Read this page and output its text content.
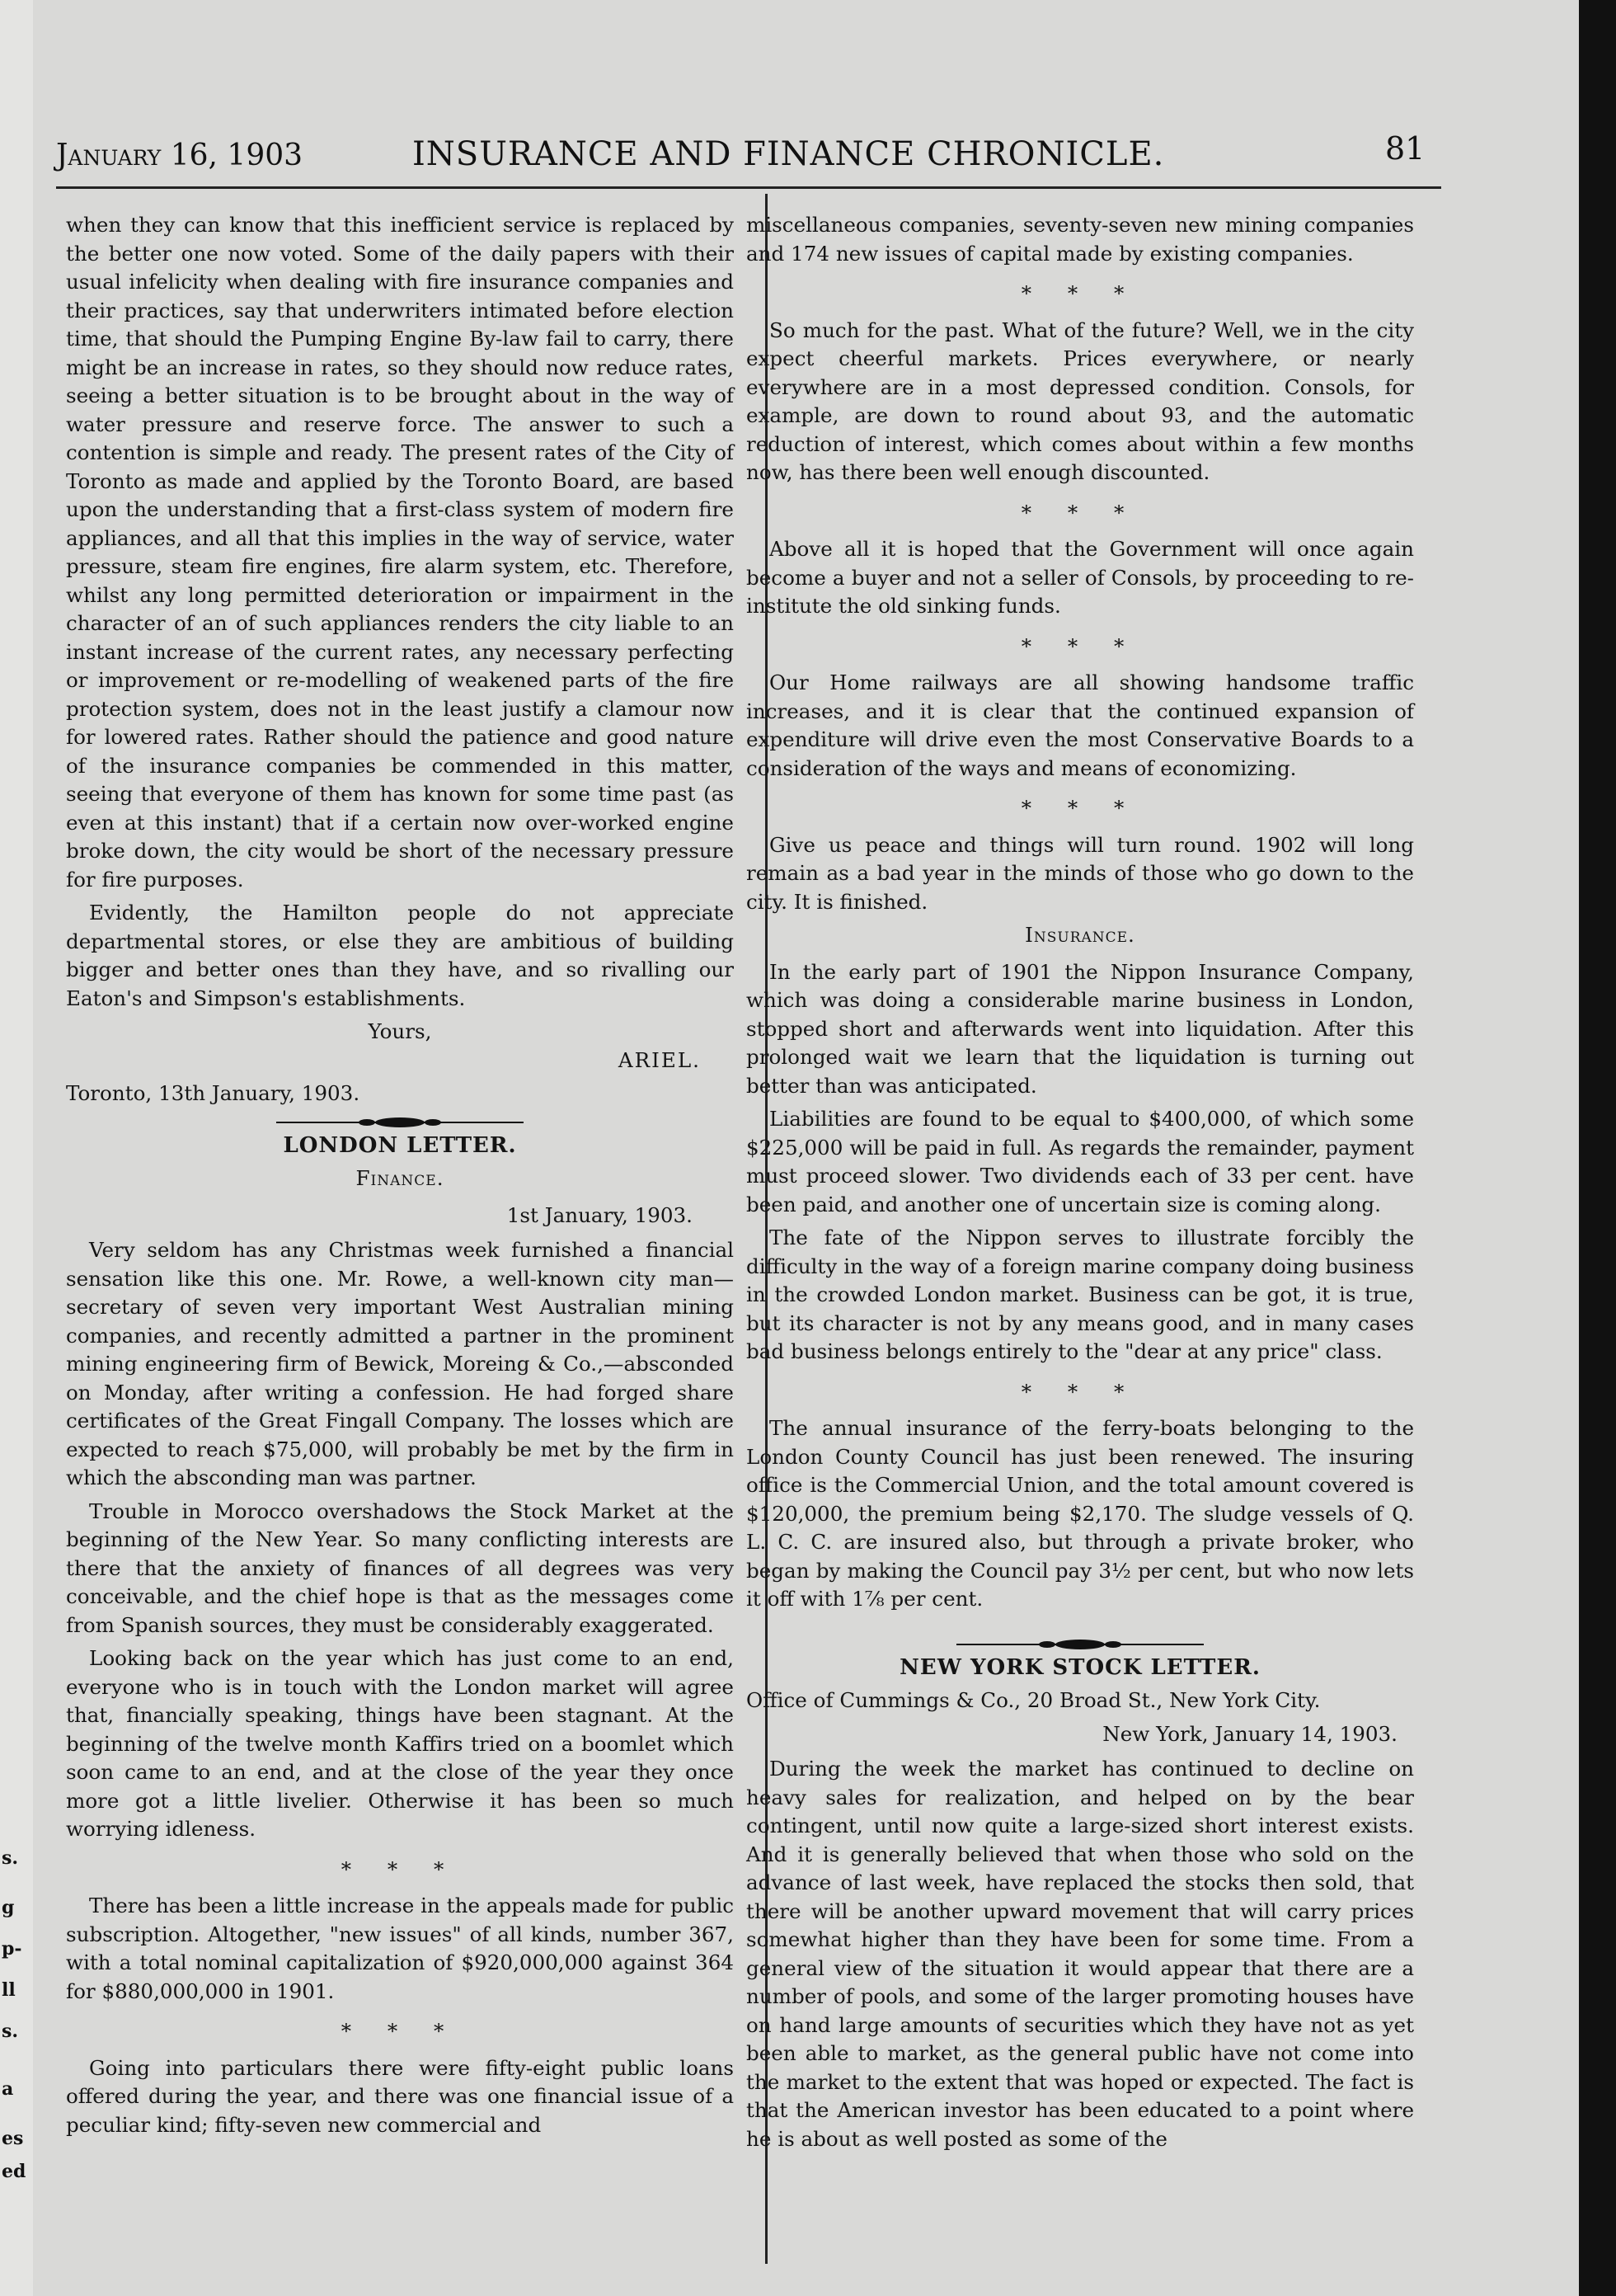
s.
g
p-
ll
s.
a
es
ed
January 16, 1903	INSURANCE AND FINANCE CHRONICLE.	81

when they can know that this inefficient service is replaced by the better one now voted. Some of the daily papers with their usual infelicity when dealing with fire insurance companies and their practices, say that underwriters intimated before election time, that should the Pumping Engine By-law fail to carry, there might be an increase in rates, so they should now reduce rates, seeing a better situation is to be brought about in the way of water pressure and reserve force. The answer to such a contention is simple and ready. The present rates of the City of Toronto as made and applied by the Toronto Board, are based upon the understanding that a first-class system of modern fire appliances, and all that this implies in the way of service, water pressure, steam fire engines, fire alarm system, etc. Therefore, whilst any long permitted deterioration or impairment in the character of an of such appliances renders the city liable to an instant increase of the current rates, any necessary perfecting or improvement or re-modelling of weakened parts of the fire protection system, does not in the least justify a clamour now for lowered rates. Rather should the patience and good nature of the insurance companies be commended in this matter, seeing that everyone of them has known for some time past (as even at this instant) that if a certain now over-worked engine broke down, the city would be short of the necessary pressure for fire purposes.

Evidently, the Hamilton people do not appreciate departmental stores, or else they are ambitious of building bigger and better ones than they have, and so rivalling our Eaton's and Simpson's establishments.

Yours,

ARIEL.

Toronto, 13th January, 1903.

LONDON LETTER.

Finance.

1st January, 1903.

Very seldom has any Christmas week furnished a financial sensation like this one. Mr. Rowe, a well-known city man—secretary of seven very important West Australian mining companies, and recently admitted a partner in the prominent mining engineering firm of Bewick, Moreing & Co.,—absconded on Monday, after writing a confession. He had forged share certificates of the Great Fingall Company. The losses which are expected to reach $75,000, will probably be met by the firm in which the absconding man was partner.

Trouble in Morocco overshadows the Stock Market at the beginning of the New Year. So many conflicting interests are there that the anxiety of finances of all degrees was very conceivable, and the chief hope is that as the messages come from Spanish sources, they must be considerably exaggerated.

Looking back on the year which has just come to an end, everyone who is in touch with the London market will agree that, financially speaking, things have been stagnant. At the beginning of the twelve month Kaffirs tried on a boomlet which soon came to an end, and at the close of the year they once more got a little livelier. Otherwise it has been so much worrying idleness.

* * *

There has been a little increase in the appeals made for public subscription. Altogether, "new issues" of all kinds, number 367, with a total nominal capitalization of $920,000,000 against 364 for $880,000,000 in 1901.

* * *

Going into particulars there were fifty-eight public loans offered during the year, and there was one financial issue of a peculiar kind; fifty-seven new commercial and

miscellaneous companies, seventy-seven new mining companies and 174 new issues of capital made by existing companies.

* * *

So much for the past. What of the future? Well, we in the city expect cheerful markets. Prices everywhere, or nearly everywhere are in a most depressed condition. Consols, for example, are down to round about 93, and the automatic reduction of interest, which comes about within a few months now, has there been well enough discounted.

* * *

Above all it is hoped that the Government will once again become a buyer and not a seller of Consols, by proceeding to re-institute the old sinking funds.

* * *

Our Home railways are all showing handsome traffic increases, and it is clear that the continued expansion of expenditure will drive even the most Conservative Boards to a consideration of the ways and means of economizing.

* * *

Give us peace and things will turn round. 1902 will long remain as a bad year in the minds of those who go down to the city. It is finished.

Insurance.

In the early part of 1901 the Nippon Insurance Company, which was doing a considerable marine business in London, stopped short and afterwards went into liquidation. After this prolonged wait we learn that the liquidation is turning out better than was anticipated.

Liabilities are found to be equal to $400,000, of which some $225,000 will be paid in full. As regards the remainder, payment must proceed slower. Two dividends each of 33 per cent. have been paid, and another one of uncertain size is coming along.

The fate of the Nippon serves to illustrate forcibly the difficulty in the way of a foreign marine company doing business in the crowded London market. Business can be got, it is true, but its character is not by any means good, and in many cases bad business belongs entirely to the "dear at any price" class.

* * *

The annual insurance of the ferry-boats belonging to the London County Council has just been renewed. The insuring office is the Commercial Union, and the total amount covered is $120,000, the premium being $2,170. The sludge vessels of Q. L. C. C. are insured also, but through a private broker, who began by making the Council pay 3½ per cent, but who now lets it off with 1⅞ per cent.

NEW YORK STOCK LETTER.

Office of Cummings & Co., 20 Broad St., New York City.

New York, January 14, 1903.

During the week the market has continued to decline on heavy sales for realization, and helped on by the bear contingent, until now quite a large-sized short interest exists. And it is generally believed that when those who sold on the advance of last week, have replaced the stocks then sold, that there will be another upward movement that will carry prices somewhat higher than they have been for some time. From a general view of the situation it would appear that there are a number of pools, and some of the larger promoting houses have on hand large amounts of securities which they have not as yet been able to market, as the general public have not come into the market to the extent that was hoped or expected. The fact is that the American investor has been educated to a point where he is about as well posted as some of the
